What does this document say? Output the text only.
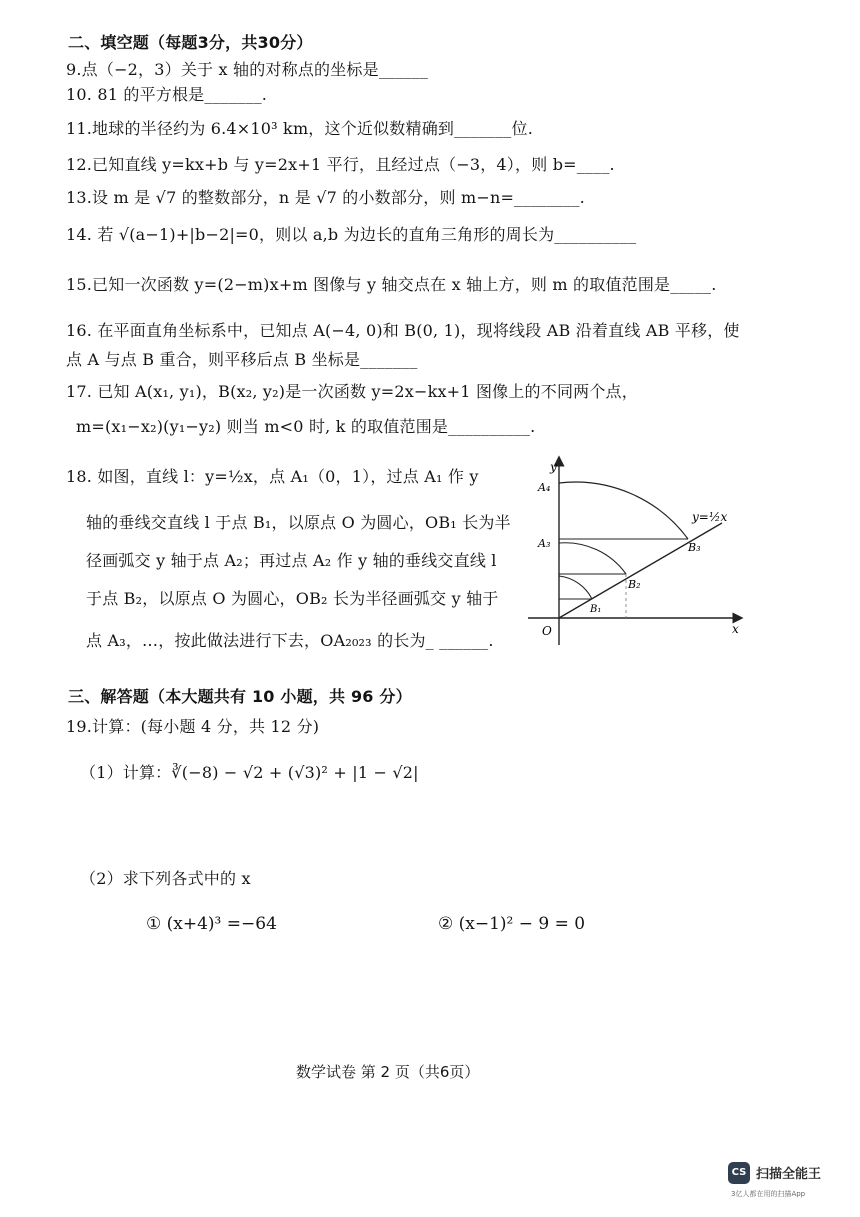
二、填空题（每题3分，共30分）
9.点（−2，3）关于 x 轴的对称点的坐标是______
10. 81 的平方根是_______.
11.地球的半径约为 6.4×10³ km，这个近似数精确到_______位.
12.已知直线 y=kx+b 与 y=2x+1 平行，且经过点（−3，4），则 b=____.
13.设 m 是 √7 的整数部分，n 是 √7 的小数部分，则 m−n=________.
14. 若 √(a−1)+|b−2|=0，则以 a,b 为边长的直角三角形的周长为__________
15.已知一次函数 y=(2−m)x+m 图像与 y 轴交点在 x 轴上方，则 m 的取值范围是_____.
16. 在平面直角坐标系中，已知点 A(−4, 0)和 B(0, 1)，现将线段 AB 沿着直线 AB 平移，使
点 A 与点 B 重合，则平移后点 B 坐标是_______
17. 已知 A(x₁, y₁)，B(x₂, y₂)是一次函数 y=2x−kx+1 图像上的不同两个点，
m=(x₁−x₂)(y₁−y₂) 则当 m<0 时, k 的取值范围是__________.
18. 如图，直线 l：y=½x，点 A₁（0，1），过点 A₁ 作 y
轴的垂线交直线 l 于点 B₁，以原点 O 为圆心，OB₁ 长为半
径画弧交 y 轴于点 A₂；再过点 A₂ 作 y 轴的垂线交直线 l
于点 B₂，以原点 O 为圆心，OB₂ 长为半径画弧交 y 轴于
点 A₃，…，按此做法进行下去，OA₂₀₂₃ 的长为_ ______.
y
x
O
y=½x
A₄
A₃	B₃
B₂
B₁
三、解答题（本大题共有 10 小题，共 96 分）
19.计算：(每小题 4 分，共 12 分)
（1）计算：∛(−8) − √2 + (√3)² + |1 − √2|
（2）求下列各式中的 x
① (x+4)³ =−64	② (x−1)² − 9 = 0
数学试卷 第 2 页（共6页）
CS 扫描全能王
3亿人都在用的扫描App
